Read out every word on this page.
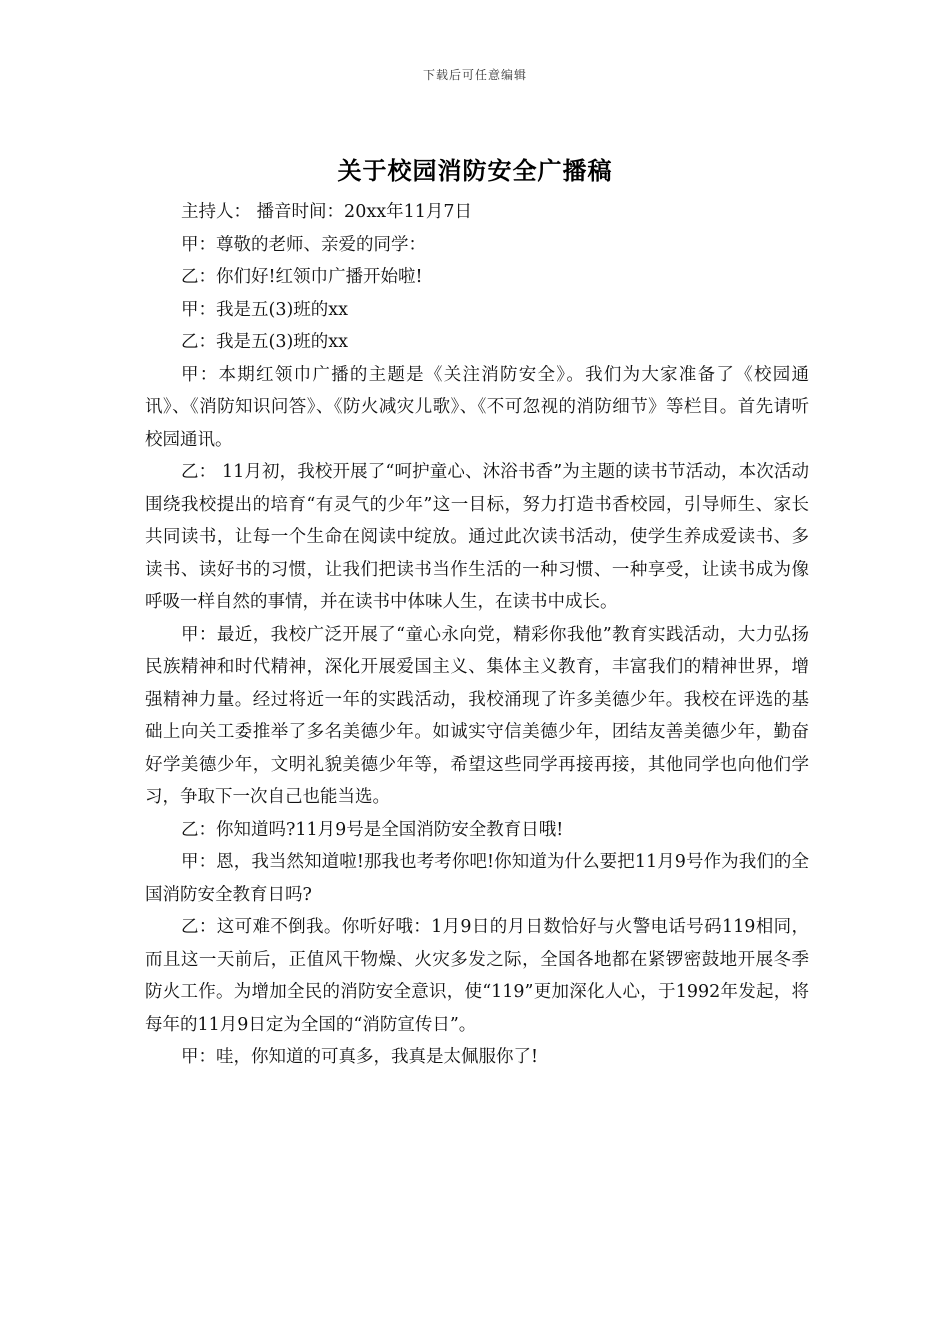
下载后可任意编辑
关于校园消防安全广播稿

主持人： 播音时间：20xx年11月7日

甲：尊敬的老师、亲爱的同学：

乙：你们好!红领巾广播开始啦!

甲：我是五(3)班的xx

乙：我是五(3)班的xx

甲：本期红领巾广播的主题是《关注消防安全》。我们为大家准备了《校园通讯》、《消防知识问答》、《防火减灾儿歌》、《不可忽视的消防细节》等栏目。首先请听校园通讯。

乙： 11月初，我校开展了“呵护童心、沐浴书香”为主题的读书节活动，本次活动围绕我校提出的培育“有灵气的少年”这一目标，努力打造书香校园，引导师生、家长共同读书，让每一个生命在阅读中绽放。通过此次读书活动，使学生养成爱读书、多读书、读好书的习惯，让我们把读书当作生活的一种习惯、一种享受，让读书成为像呼吸一样自然的事情，并在读书中体味人生，在读书中成长。

甲：最近，我校广泛开展了“童心永向党，精彩你我他”教育实践活动，大力弘扬民族精神和时代精神，深化开展爱国主义、集体主义教育，丰富我们的精神世界，增强精神力量。经过将近一年的实践活动，我校涌现了许多美德少年。我校在评选的基础上向关工委推举了多名美德少年。如诚实守信美德少年，团结友善美德少年，勤奋好学美德少年，文明礼貌美德少年等，希望这些同学再接再接，其他同学也向他们学习，争取下一次自己也能当选。

乙：你知道吗?11月9号是全国消防安全教育日哦!

甲：恩，我当然知道啦!那我也考考你吧!你知道为什么要把11月9号作为我们的全国消防安全教育日吗?

乙：这可难不倒我。你听好哦：1月9日的月日数恰好与火警电话号码119相同，而且这一天前后，正值风干物燥、火灾多发之际，全国各地都在紧锣密鼓地开展冬季防火工作。为增加全民的消防安全意识，使“119”更加深化人心，于1992年发起，将每年的11月9日定为全国的“消防宣传日”。

甲：哇，你知道的可真多，我真是太佩服你了!
